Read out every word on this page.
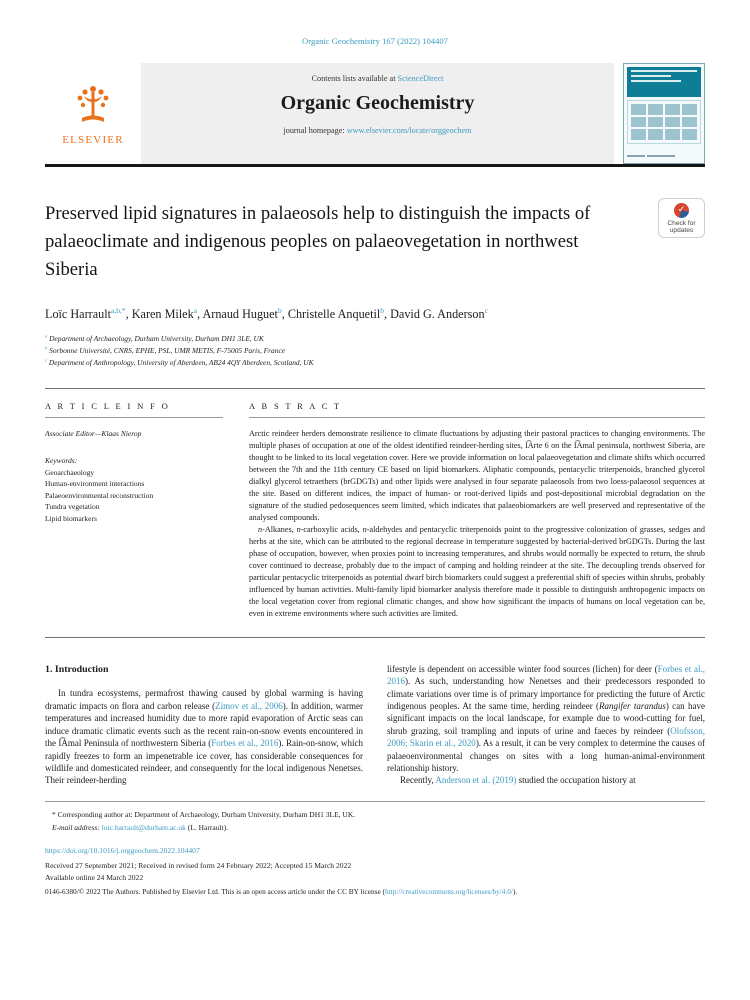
Organic Geochemistry 167 (2022) 104407
ELSEVIER
Contents lists available at ScienceDirect
Organic Geochemistry
journal homepage: www.elsevier.com/locate/orggeochem
Preserved lipid signatures in palaeosols help to distinguish the impacts of palaeoclimate and indigenous peoples on palaeovegetation in northwest Siberia
✓
Check for
updates
Loïc Harrault$^{a,b,*}$, Karen Milek$^a$, Arnaud Huguet$^b$, Christelle Anquetil$^b$, David G. Anderson$^c$
$^a$ Department of Archaeology, Durham University, Durham DH1 3LE, UK
$^b$ Sorbonne Université, CNRS, EPHE, PSL, UMR METIS, F-75005 Paris, France
$^c$ Department of Anthropology, University of Aberdeen, AB24 4QY Aberdeen, Scotland, UK
A R T I C L E I N F O
Associate Editor—Klaas Nierop
Keywords:
Geoarchaeology
Human-environment interactions
Palaeoenvironmental reconstruction
Tundra vegetation
Lipid biomarkers
A B S T R A C T

Arctic reindeer herders demonstrate resilience to climate fluctuations by adjusting their pastoral practices to changing environments. The multiple phases of occupation at one of the oldest identified reindeer-herding sites, I͡Arte 6 on the I͡Amal peninsula, northwest Siberia, are thought to be linked to its local vegetation cover. Here we provide information on local palaeovegetation and climate shifts which occurred between the 7th and the 11th century CE based on lipid biomarkers. Aliphatic compounds, pentacyclic triterpenoids, branched glycerol dialkyl glycerol tetraethers (brGDGTs) and other lipids were analysed in four separate palaeosols from two loess-palaeosol sequences at the site. Based on different indices, the impact of human- or root-derived lipids and post-depositional microbial degradation on the signature of the studied pedosequences seem limited, which indicates that palaeobiomarkers are well preserved and representative of the analysed compounds.

n-Alkanes, n-carboxylic acids, n-aldehydes and pentacyclic triterpenoids point to the progressive colonization of grasses, sedges and herbs at the site, which can be attributed to the regional decrease in temperature suggested by bacterial-derived brGDGTs. During the last phase of occupation, however, when proxies point to increasing temperatures, and shrubs would normally be expected to return, the shrub cover continued to decrease, probably due to the impact of camping and holding reindeer at the site. The decoupling trends observed for particular pentacyclic triterpenoids as potential dwarf birch biomarkers could suggest a preferential shift of species within shrubs, probably influenced by human activities. Multi-family lipid biomarker analysis therefore made it possible to distinguish anthropogenic impacts on the local vegetation cover from regional climatic changes, and show how significant the impacts of humans on local vegetation can be, even in extreme environments where such activities are limited.

1. Introduction

In tundra ecosystems, permafrost thawing caused by global warming is having dramatic impacts on flora and carbon release (Zimov et al., 2006). In addition, warmer temperatures and increased humidity due to more rapid evaporation of Arctic seas can induce dramatic climatic events such as the recent rain-on-snow events encountered in the I͡Amal Peninsula of northwestern Siberia (Forbes et al., 2016). Rain-on-snow, which rapidly freezes to form an impenetrable ice cover, has considerable consequences for wildlife and domesticated reindeer, and consequently for the local indigenous Nenetses. Their reindeer-herding

lifestyle is dependent on accessible winter food sources (lichen) for deer (Forbes et al., 2016). As such, understanding how Nenetses and their predecessors responded to climate variations over time is of primary importance for predicting the future of Arctic indigenous peoples. At the same time, herding reindeer (Rangifer tarandus) can have significant impacts on the local landscape, for example due to wood-cutting for fuel, shrub grazing, soil trampling and inputs of urine and faeces by reindeer (Olofsson, 2006; Skarin et al., 2020). As a result, it can be very complex to determine the causes of palaeoenvironmental changes on sites with a long human-animal-environment relationship history.

Recently, Anderson et al. (2019) studied the occupation history at

* Corresponding author at: Department of Archaeology, Durham University, Durham DH1 3LE, UK.
E-mail address: loic.harrault@durham.ac.uk (L. Harrault).
https://doi.org/10.1016/j.orggeochem.2022.104407
Received 27 September 2021; Received in revised form 24 February 2022; Accepted 15 March 2022
Available online 24 March 2022
0146-6380/© 2022 The Authors. Published by Elsevier Ltd. This is an open access article under the CC BY license (http://creativecommons.org/licenses/by/4.0/).
